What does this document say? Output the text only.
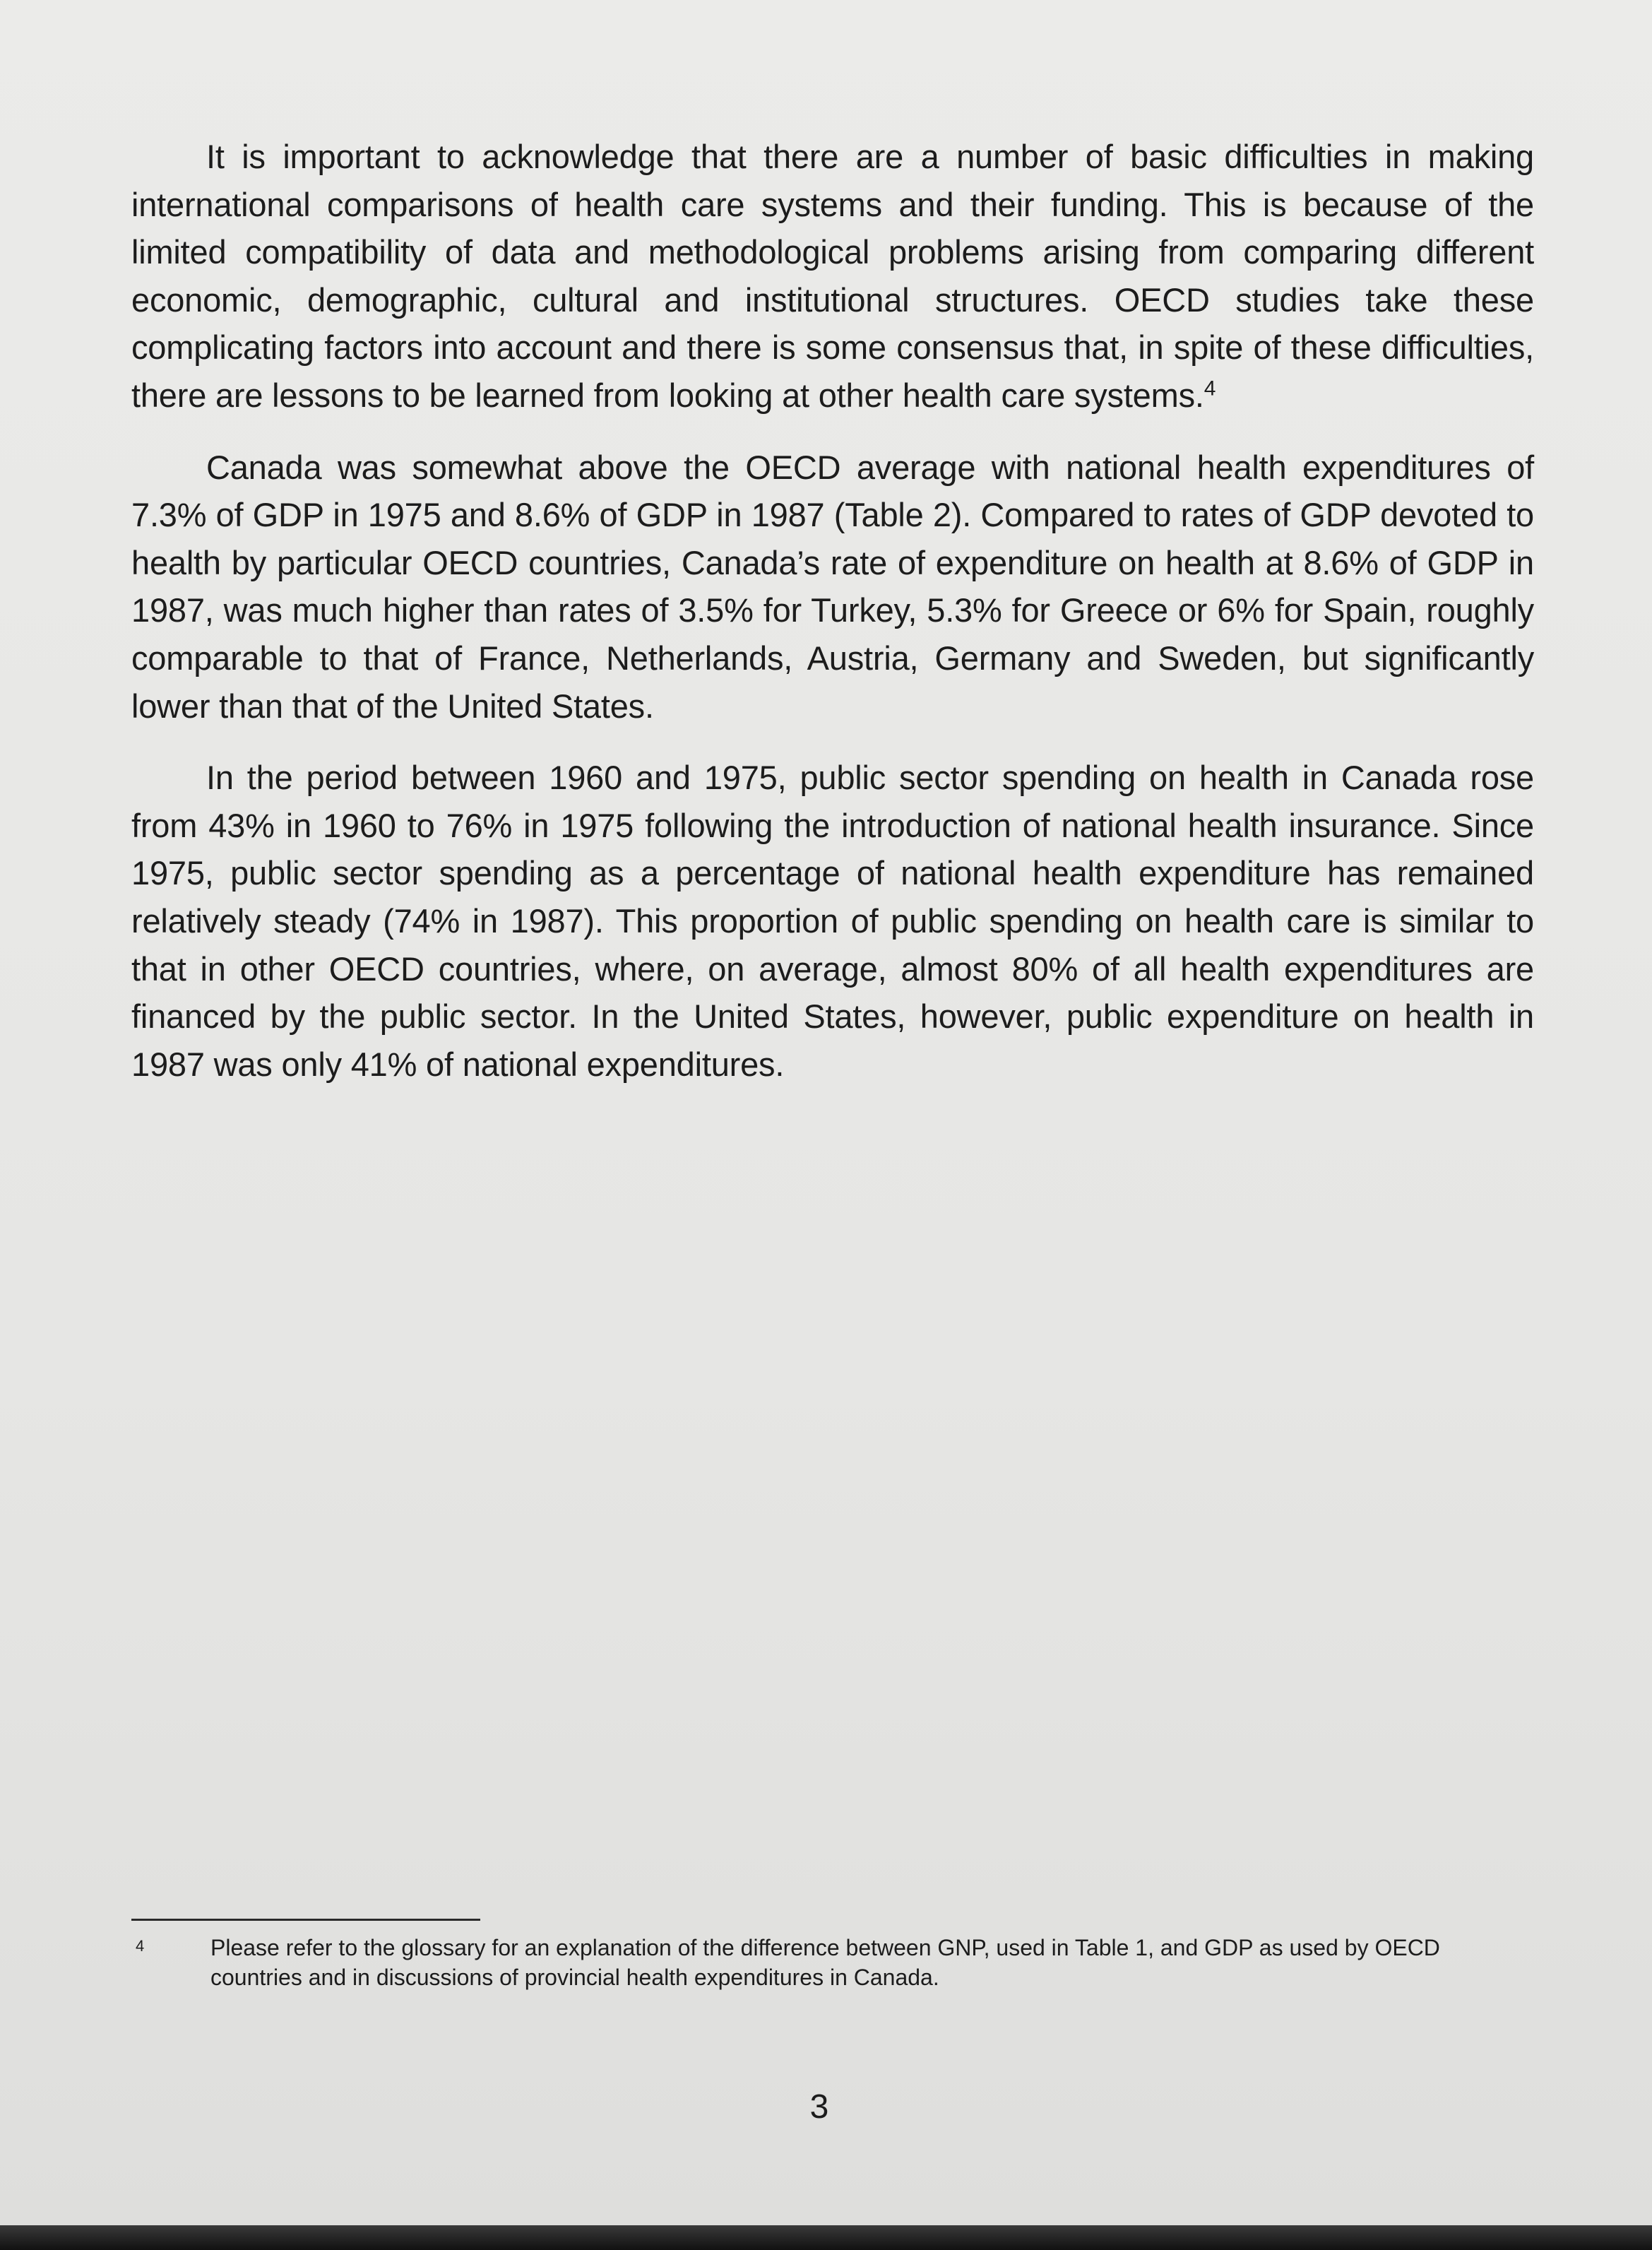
It is important to acknowledge that there are a number of basic difficulties in making international comparisons of health care systems and their funding. This is because of the limited compatibility of data and methodological problems arising from comparing different economic, demographic, cultural and institutional structures. OECD studies take these complicating factors into account and there is some consensus that, in spite of these difficulties, there are lessons to be learned from looking at other health care systems.$^4$

Canada was somewhat above the OECD average with national health expenditures of 7.3% of GDP in 1975 and 8.6% of GDP in 1987 (Table 2). Compared to rates of GDP devoted to health by particular OECD countries, Canada’s rate of expenditure on health at 8.6% of GDP in 1987, was much higher than rates of 3.5% for Turkey, 5.3% for Greece or 6% for Spain, roughly comparable to that of France, Netherlands, Austria, Germany and Sweden, but significantly lower than that of the United States.

In the period between 1960 and 1975, public sector spending on health in Canada rose from 43% in 1960 to 76% in 1975 following the introduction of national health insurance. Since 1975, public sector spending as a percentage of national health expenditure has remained relatively steady (74% in 1987). This proportion of public spending on health care is similar to that in other OECD countries, where, on average, almost 80% of all health expenditures are financed by the public sector. In the United States, however, public expenditure on health in 1987 was only 41% of national expenditures.

4	Please refer to the glossary for an explanation of the difference between GNP, used in Table 1, and GDP as used by OECD countries and in discussions of provincial health expenditures in Canada.
3
